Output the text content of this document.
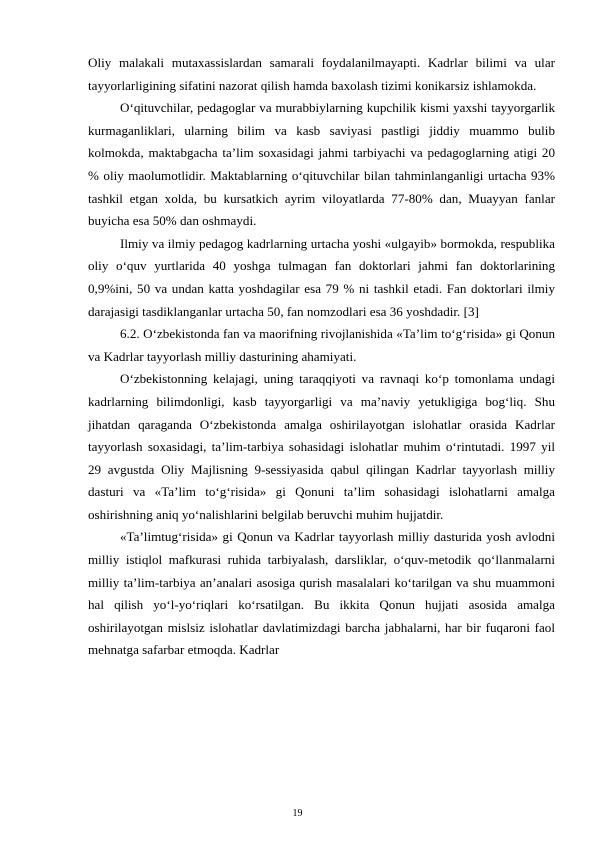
Oliy malakali mutaxassislardan samarali foydalanilmayapti. Kadrlar bilimi va ular tayyorlarligining sifatini nazorat qilish hamda baxolash tizimi konikarsiz ishlamokda.

O‘qituvchilar, pedagoglar va murabbiylarning kupchilik kismi yaxshi tayyorgarlik kurmaganliklari, ularning bilim va kasb saviyasi pastligi jiddiy muammo bulib kolmokda, maktabgacha ta’lim soxasidagi jahmi tarbiyachi va pedagoglarning atigi 20 % oliy maolumotlidir. Maktablarning o‘qituvchilar bilan tahminlanganligi urtacha 93% tashkil etgan xolda, bu kursatkich ayrim viloyatlarda 77-80% dan, Muayyan fanlar buyicha esa 50% dan oshmaydi.

Ilmiy va ilmiy pedagog kadrlarning urtacha yoshi «ulgayib» bormokda, respublika oliy o‘quv yurtlarida 40 yoshga tulmagan fan doktorlari jahmi fan doktorlarining 0,9%ini, 50 va undan katta yoshdagilar esa 79 % ni tashkil etadi. Fan doktorlari ilmiy darajasigi tasdiklanganlar urtacha 50, fan nomzodlari esa 36 yoshdadir. [3]

6.2. O‘zbekistonda fan va maorifning rivojlanishida «Ta’lim to‘g‘risida» gi Qonun va Kadrlar tayyorlash milliy dasturining ahamiyati.

O‘zbekistonning kelajagi, uning taraqqiyoti va ravnaqi ko‘p tomonlama undagi kadrlarning bilimdonligi, kasb tayyorgarligi va ma’naviy yetukligiga bog‘liq. Shu jihatdan qaraganda O‘zbekistonda amalga oshirilayotgan islohatlar orasida Kadrlar tayyorlash soxasidagi, ta’lim-tarbiya sohasidagi islohatlar muhim o‘rintutadi. 1997 yil 29 avgustda Oliy Majlisning 9-sessiyasida qabul qilingan Kadrlar tayyorlash milliy dasturi va «Ta’lim to‘g‘risida» gi Qonuni ta’lim sohasidagi islohatlarni amalga oshirishning aniq yo‘nalishlarini belgilab beruvchi muhim hujjatdir.

«Ta’limtug‘risida» gi Qonun va Kadrlar tayyorlash milliy dasturida yosh avlodni milliy istiqlol mafkurasi ruhida tarbiyalash, darsliklar, o‘quv-metodik qo‘llanmalarni milliy ta’lim-tarbiya an’analari asosiga qurish masalalari ko‘tarilgan va shu muammoni hal qilish yo‘l-yo‘riqlari ko‘rsatilgan. Bu ikkita Qonun hujjati asosida amalga oshirilayotgan mislsiz islohatlar davlatimizdagi barcha jabhalarni, har bir fuqaroni faol mehnatga safarbar etmoqda. Kadrlar

19
